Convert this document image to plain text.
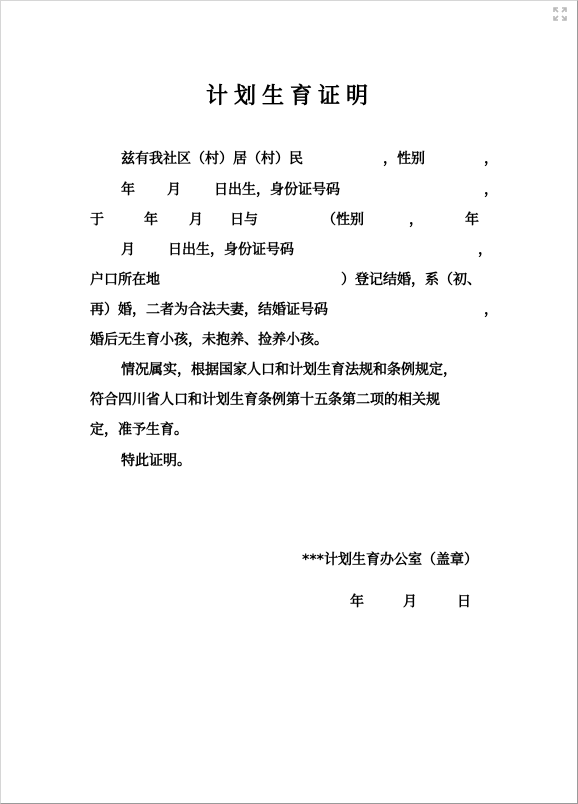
计划生育证明
兹有我社区（村）居（村）民	，性别	，
年 月 日出生，身份证号码	，
于	年 月 日与	（性别	，	年
月 日出生，身份证号码	，
户口所在地	）登记结婚，系（初、
再）婚，二者为合法夫妻，结婚证号码	，
婚后无生育小孩，未抱养、捡养小孩。
情况属实，根据国家人口和计划生育法规和条例规定，
符合四川省人口和计划生育条例第十五条第二项的相关规
定，准予生育。
特此证明。
***计划生育办公室（盖章）
年	月	日
